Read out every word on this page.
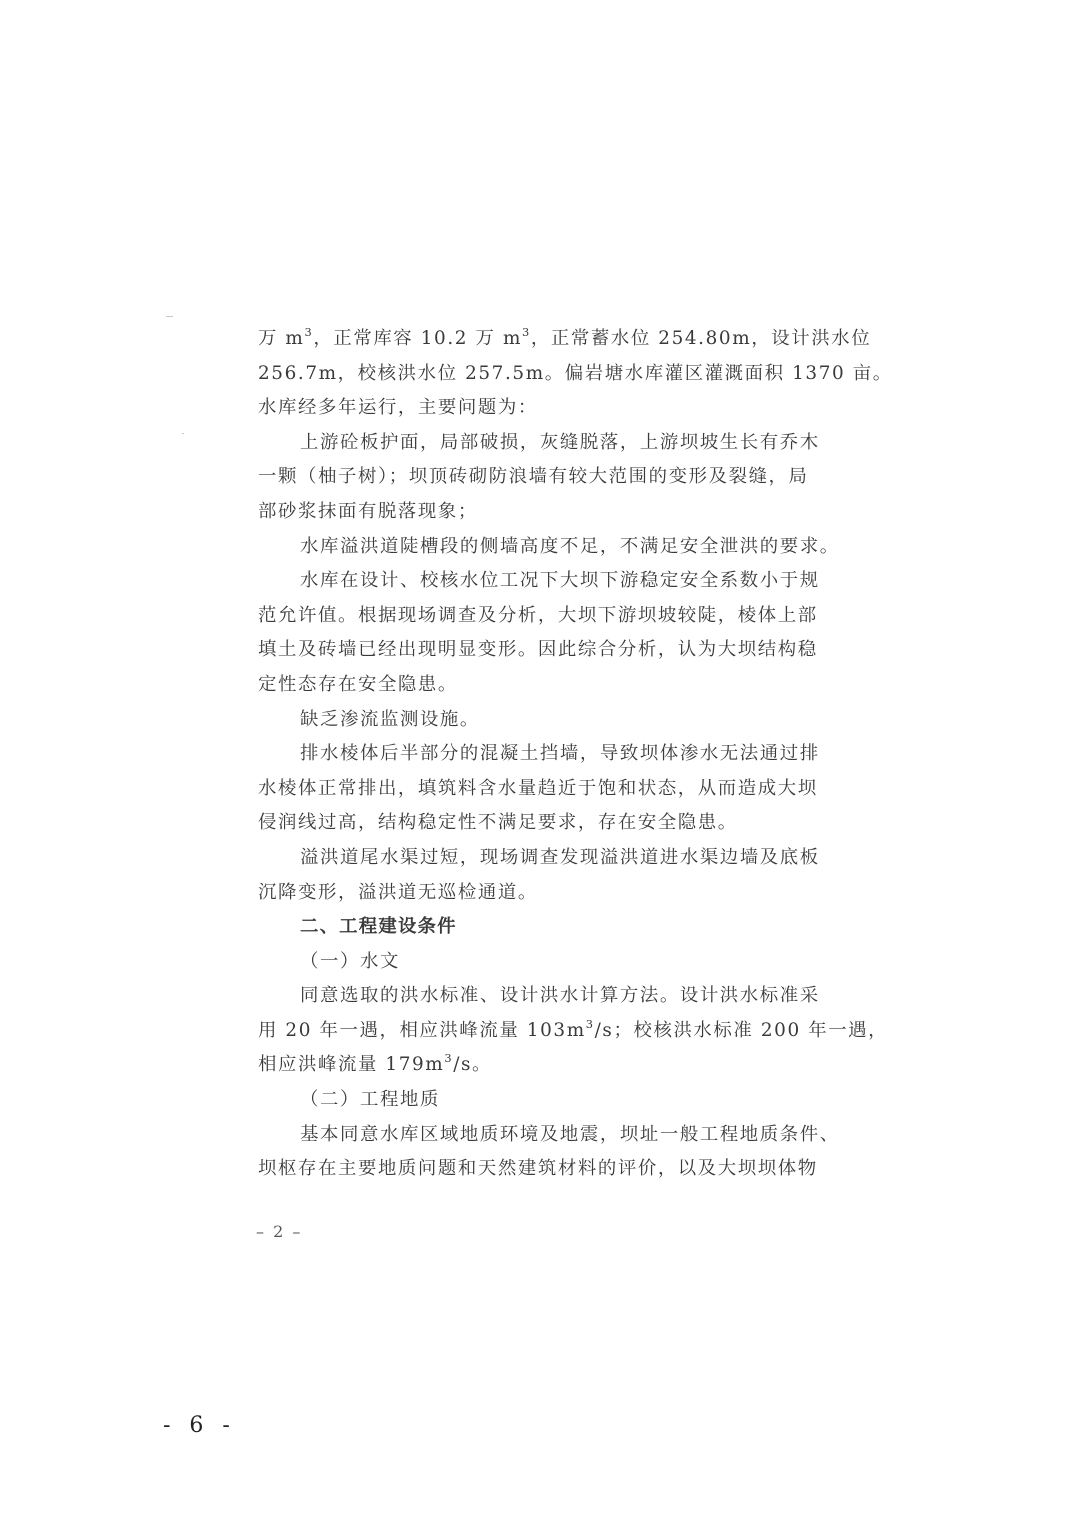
万 $m^3$，正常库容 10.2 万 $m^3$，正常蓄水位 254.80m，设计洪水位
256.7m，校核洪水位 257.5m。偏岩塘水库灌区灌溉面积 1370 亩。
水库经多年运行，主要问题为：
上游砼板护面，局部破损，灰缝脱落，上游坝坡生长有乔木
一颗（柚子树）；坝顶砖砌防浪墙有较大范围的变形及裂缝，局
部砂浆抹面有脱落现象；
水库溢洪道陡槽段的侧墙高度不足，不满足安全泄洪的要求。
水库在设计、校核水位工况下大坝下游稳定安全系数小于规
范允许值。根据现场调查及分析，大坝下游坝坡较陡，棱体上部
填土及砖墙已经出现明显变形。因此综合分析，认为大坝结构稳
定性态存在安全隐患。
缺乏渗流监测设施。
排水棱体后半部分的混凝土挡墙，导致坝体渗水无法通过排
水棱体正常排出，填筑料含水量趋近于饱和状态，从而造成大坝
侵润线过高，结构稳定性不满足要求，存在安全隐患。
溢洪道尾水渠过短，现场调查发现溢洪道进水渠边墙及底板
沉降变形，溢洪道无巡检通道。
二、工程建设条件
（一）水文
同意选取的洪水标准、设计洪水计算方法。设计洪水标准采
用 20 年一遇，相应洪峰流量 $103m^3/s$；校核洪水标准 200 年一遇，
相应洪峰流量 $179m^3/s$。
（二）工程地质
基本同意水库区域地质环境及地震，坝址一般工程地质条件、
坝枢存在主要地质问题和天然建筑材料的评价，以及大坝坝体物
– 2 –
- 6 -
